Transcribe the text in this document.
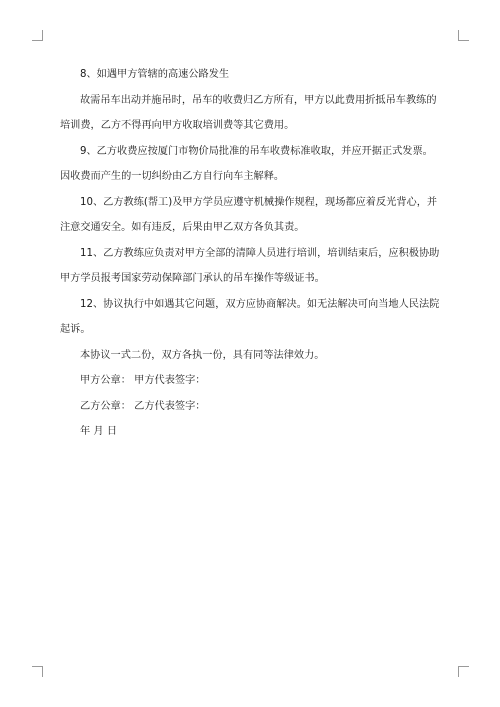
8、如遇甲方管辖的高速公路发生

故需吊车出动并施吊时，吊车的收费归乙方所有，甲方以此费用折抵吊车教练的培训费，乙方不得再向甲方收取培训费等其它费用。

9、乙方收费应按厦门市物价局批准的吊车收费标准收取，并应开据正式发票。因收费而产生的一切纠纷由乙方自行向车主解释。

10、乙方教练(帮工)及甲方学员应遵守机械操作规程，现场都应着反光背心，并注意交通安全。如有违反，后果由甲乙双方各负其责。

11、乙方教练应负责对甲方全部的清障人员进行培训，培训结束后，应积极协助甲方学员报考国家劳动保障部门承认的吊车操作等级证书。

12、协议执行中如遇其它问题，双方应协商解决。如无法解决可向当地人民法院起诉。

本协议一式二份，双方各执一份，具有同等法律效力。

甲方公章： 甲方代表签字：

乙方公章： 乙方代表签字：

年 月 日
